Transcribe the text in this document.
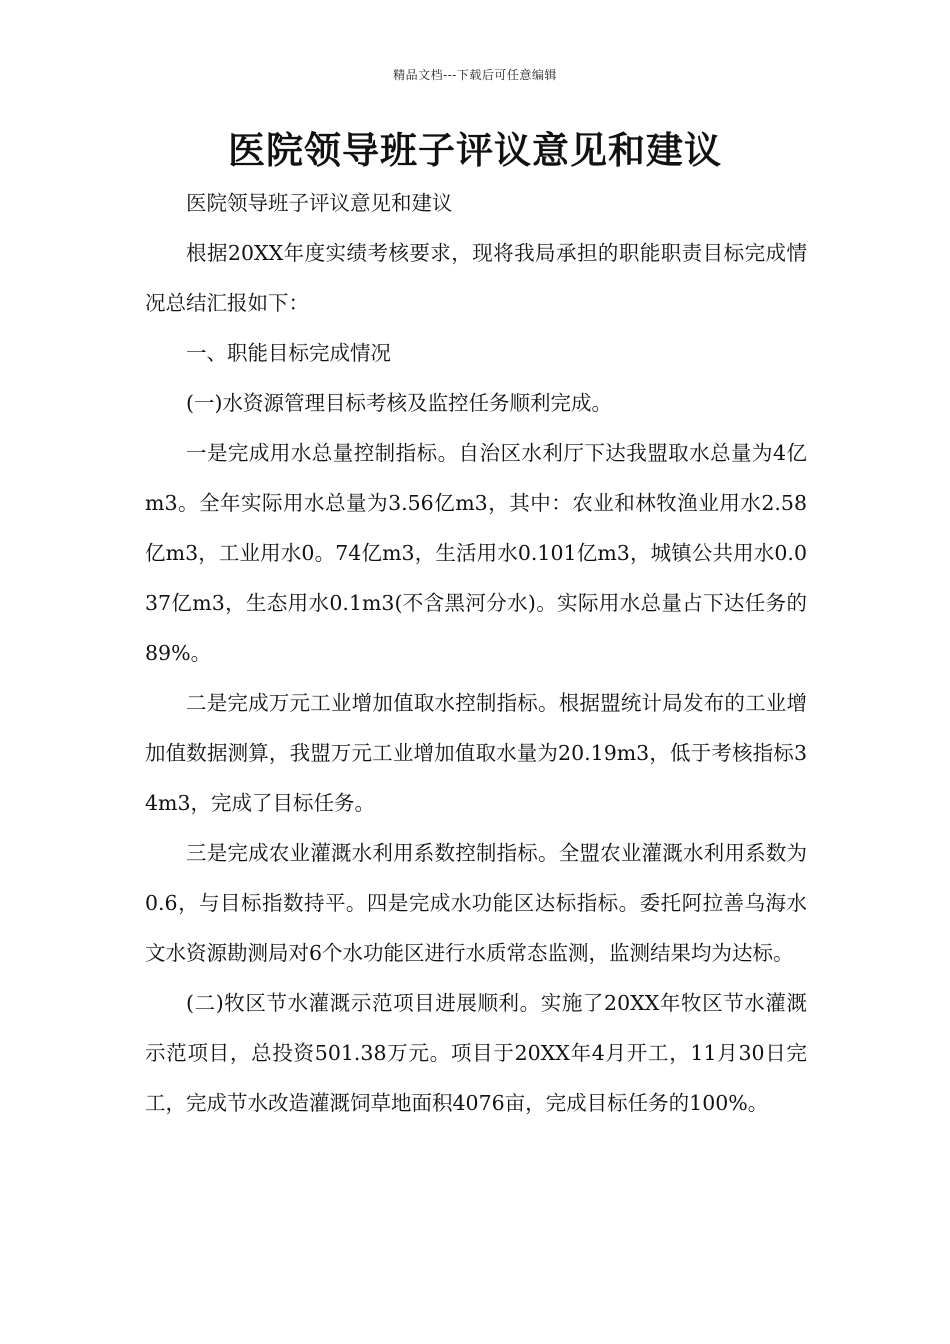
精品文档---下载后可任意编辑
医院领导班子评议意见和建议

医院领导班子评议意见和建议

根据20XX年度实绩考核要求，现将我局承担的职能职责目标完成情况总结汇报如下：

一、职能目标完成情况

(一)水资源管理目标考核及监控任务顺利完成。

一是完成用水总量控制指标。自治区水利厅下达我盟取水总量为4亿m3。全年实际用水总量为3.56亿m3，其中：农业和林牧渔业用水2.58亿m3，工业用水0。74亿m3，生活用水0.101亿m3，城镇公共用水0.037亿m3，生态用水0.1m3(不含黑河分水)。实际用水总量占下达任务的89%。

二是完成万元工业增加值取水控制指标。根据盟统计局发布的工业增加值数据测算，我盟万元工业增加值取水量为20.19m3，低于考核指标34m3，完成了目标任务。

三是完成农业灌溉水利用系数控制指标。全盟农业灌溉水利用系数为0.6，与目标指数持平。四是完成水功能区达标指标。委托阿拉善乌海水文水资源勘测局对6个水功能区进行水质常态监测，监测结果均为达标。

(二)牧区节水灌溉示范项目进展顺利。实施了20XX年牧区节水灌溉示范项目，总投资501.38万元。项目于20XX年4月开工，11月30日完工，完成节水改造灌溉饲草地面积4076亩，完成目标任务的100%。
